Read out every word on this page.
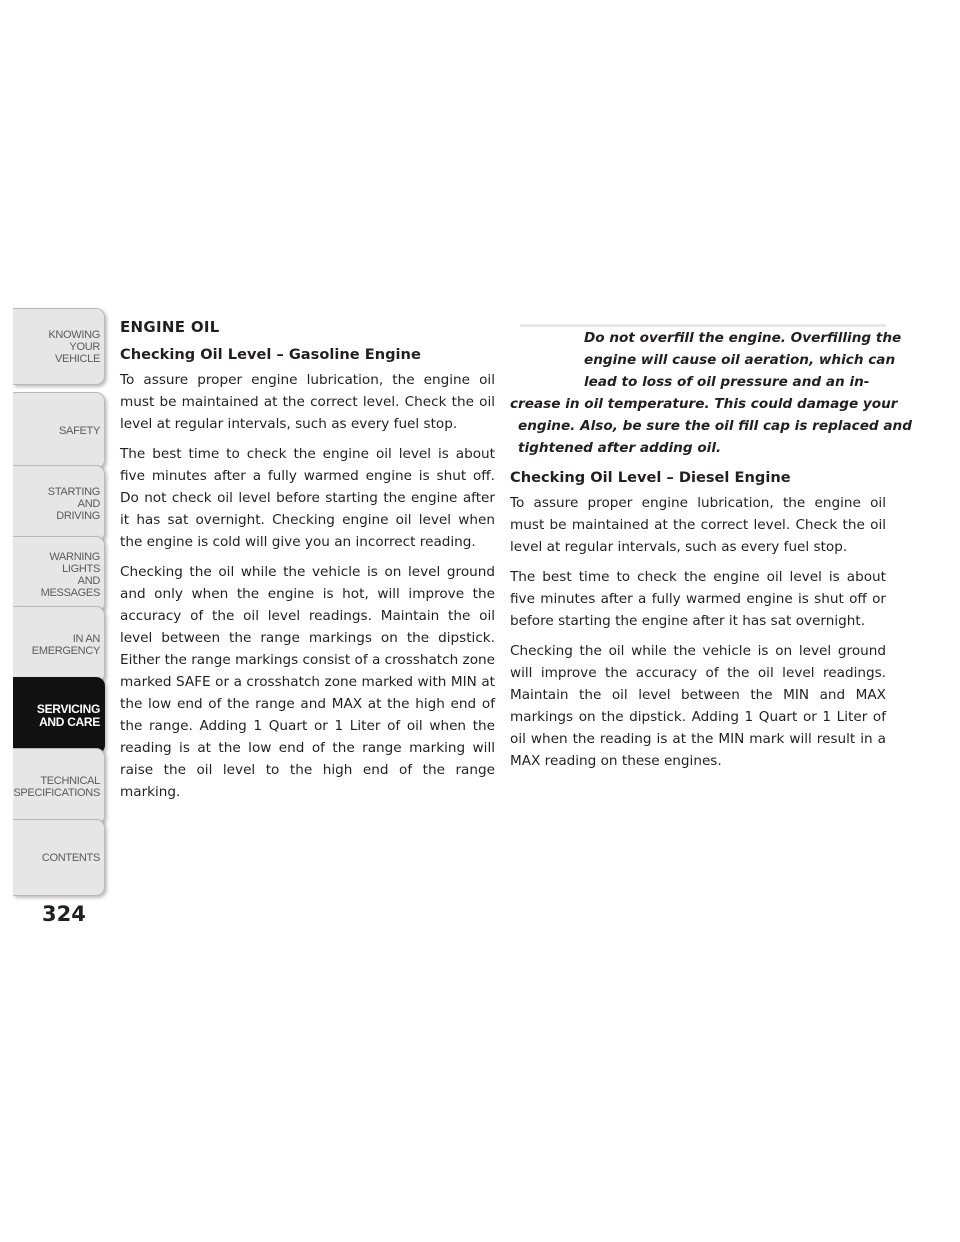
KNOWING
YOUR
VEHICLE
SAFETY
STARTING
AND
DRIVING
WARNING
LIGHTS
AND
MESSAGES
IN AN
EMERGENCY
SERVICING
AND CARE
TECHNICAL
SPECIFICATIONS
CONTENTS
324
ENGINE OIL
Checking Oil Level – Gasoline Engine

To assure proper engine lubrication, the engine oil must be maintained at the correct level. Check the oil level at regular intervals, such as every fuel stop.

The best time to check the engine oil level is about five minutes after a fully warmed engine is shut off. Do not check oil level before starting the engine after it has sat overnight. Checking engine oil level when the engine is cold will give you an incorrect reading.

Checking the oil while the vehicle is on level ground and only when the engine is hot, will improve the accuracy of the oil level readings. Maintain the oil level between the range markings on the dipstick. Either the range markings consist of a crosshatch zone marked SAFE or a crosshatch zone marked with MIN at the low end of the range and MAX at the high end of the range. Adding 1 Quart or 1 Liter of oil when the reading is at the low end of the range marking will raise the oil level to the high end of the range marking.

Do not overfill the engine. Overfilling the
engine will cause oil aeration, which can
lead to loss of oil pressure and an in-
crease in oil temperature. This could damage your
engine. Also, be sure the oil fill cap is replaced and
tightened after adding oil.
Checking Oil Level – Diesel Engine

To assure proper engine lubrication, the engine oil must be maintained at the correct level. Check the oil level at regular intervals, such as every fuel stop.

The best time to check the engine oil level is about five minutes after a fully warmed engine is shut off or before starting the engine after it has sat overnight.

Checking the oil while the vehicle is on level ground will improve the accuracy of the oil level readings. Maintain the oil level between the MIN and MAX markings on the dipstick. Adding 1 Quart or 1 Liter of oil when the reading is at the MIN mark will result in a MAX reading on these engines.
